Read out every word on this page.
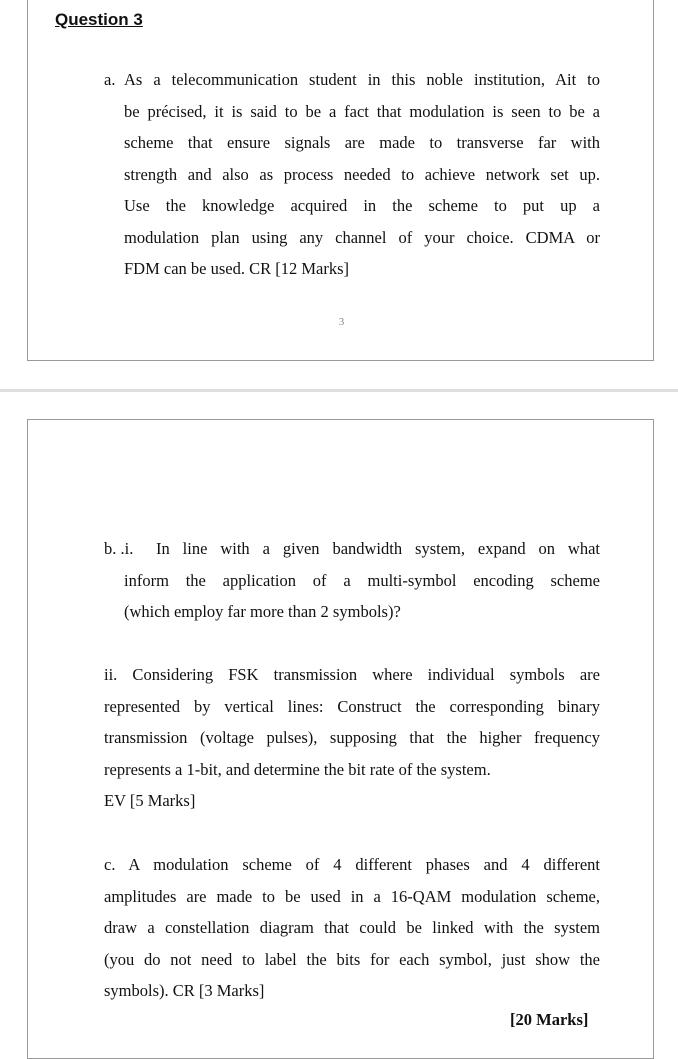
3
Question 3
a. As a telecommunication student in this noble institution, Ait to
be précised, it is said to be a fact that modulation is seen to be a
scheme that ensure signals are made to transverse far with
strength and also as process needed to achieve network set up.
Use the knowledge acquired in the scheme to put up a
modulation plan using any channel of your choice. CDMA or
FDM can be used. CR [12 Marks]
b. .i.	In line with a given bandwidth system, expand on what
inform the application of a multi-symbol encoding scheme
(which employ far more than 2 symbols)?
ii. Considering FSK transmission where individual symbols are
represented by vertical lines: Construct the corresponding binary
transmission (voltage pulses), supposing that the higher frequency
represents a 1-bit, and determine the bit rate of the system.
EV [5 Marks]
c. A modulation scheme of 4 different phases and 4 different
amplitudes are made to be used in a 16-QAM modulation scheme,
draw a constellation diagram that could be linked with the system
(you do not need to label the bits for each symbol, just show the
symbols). CR [3 Marks]
[20 Marks]
